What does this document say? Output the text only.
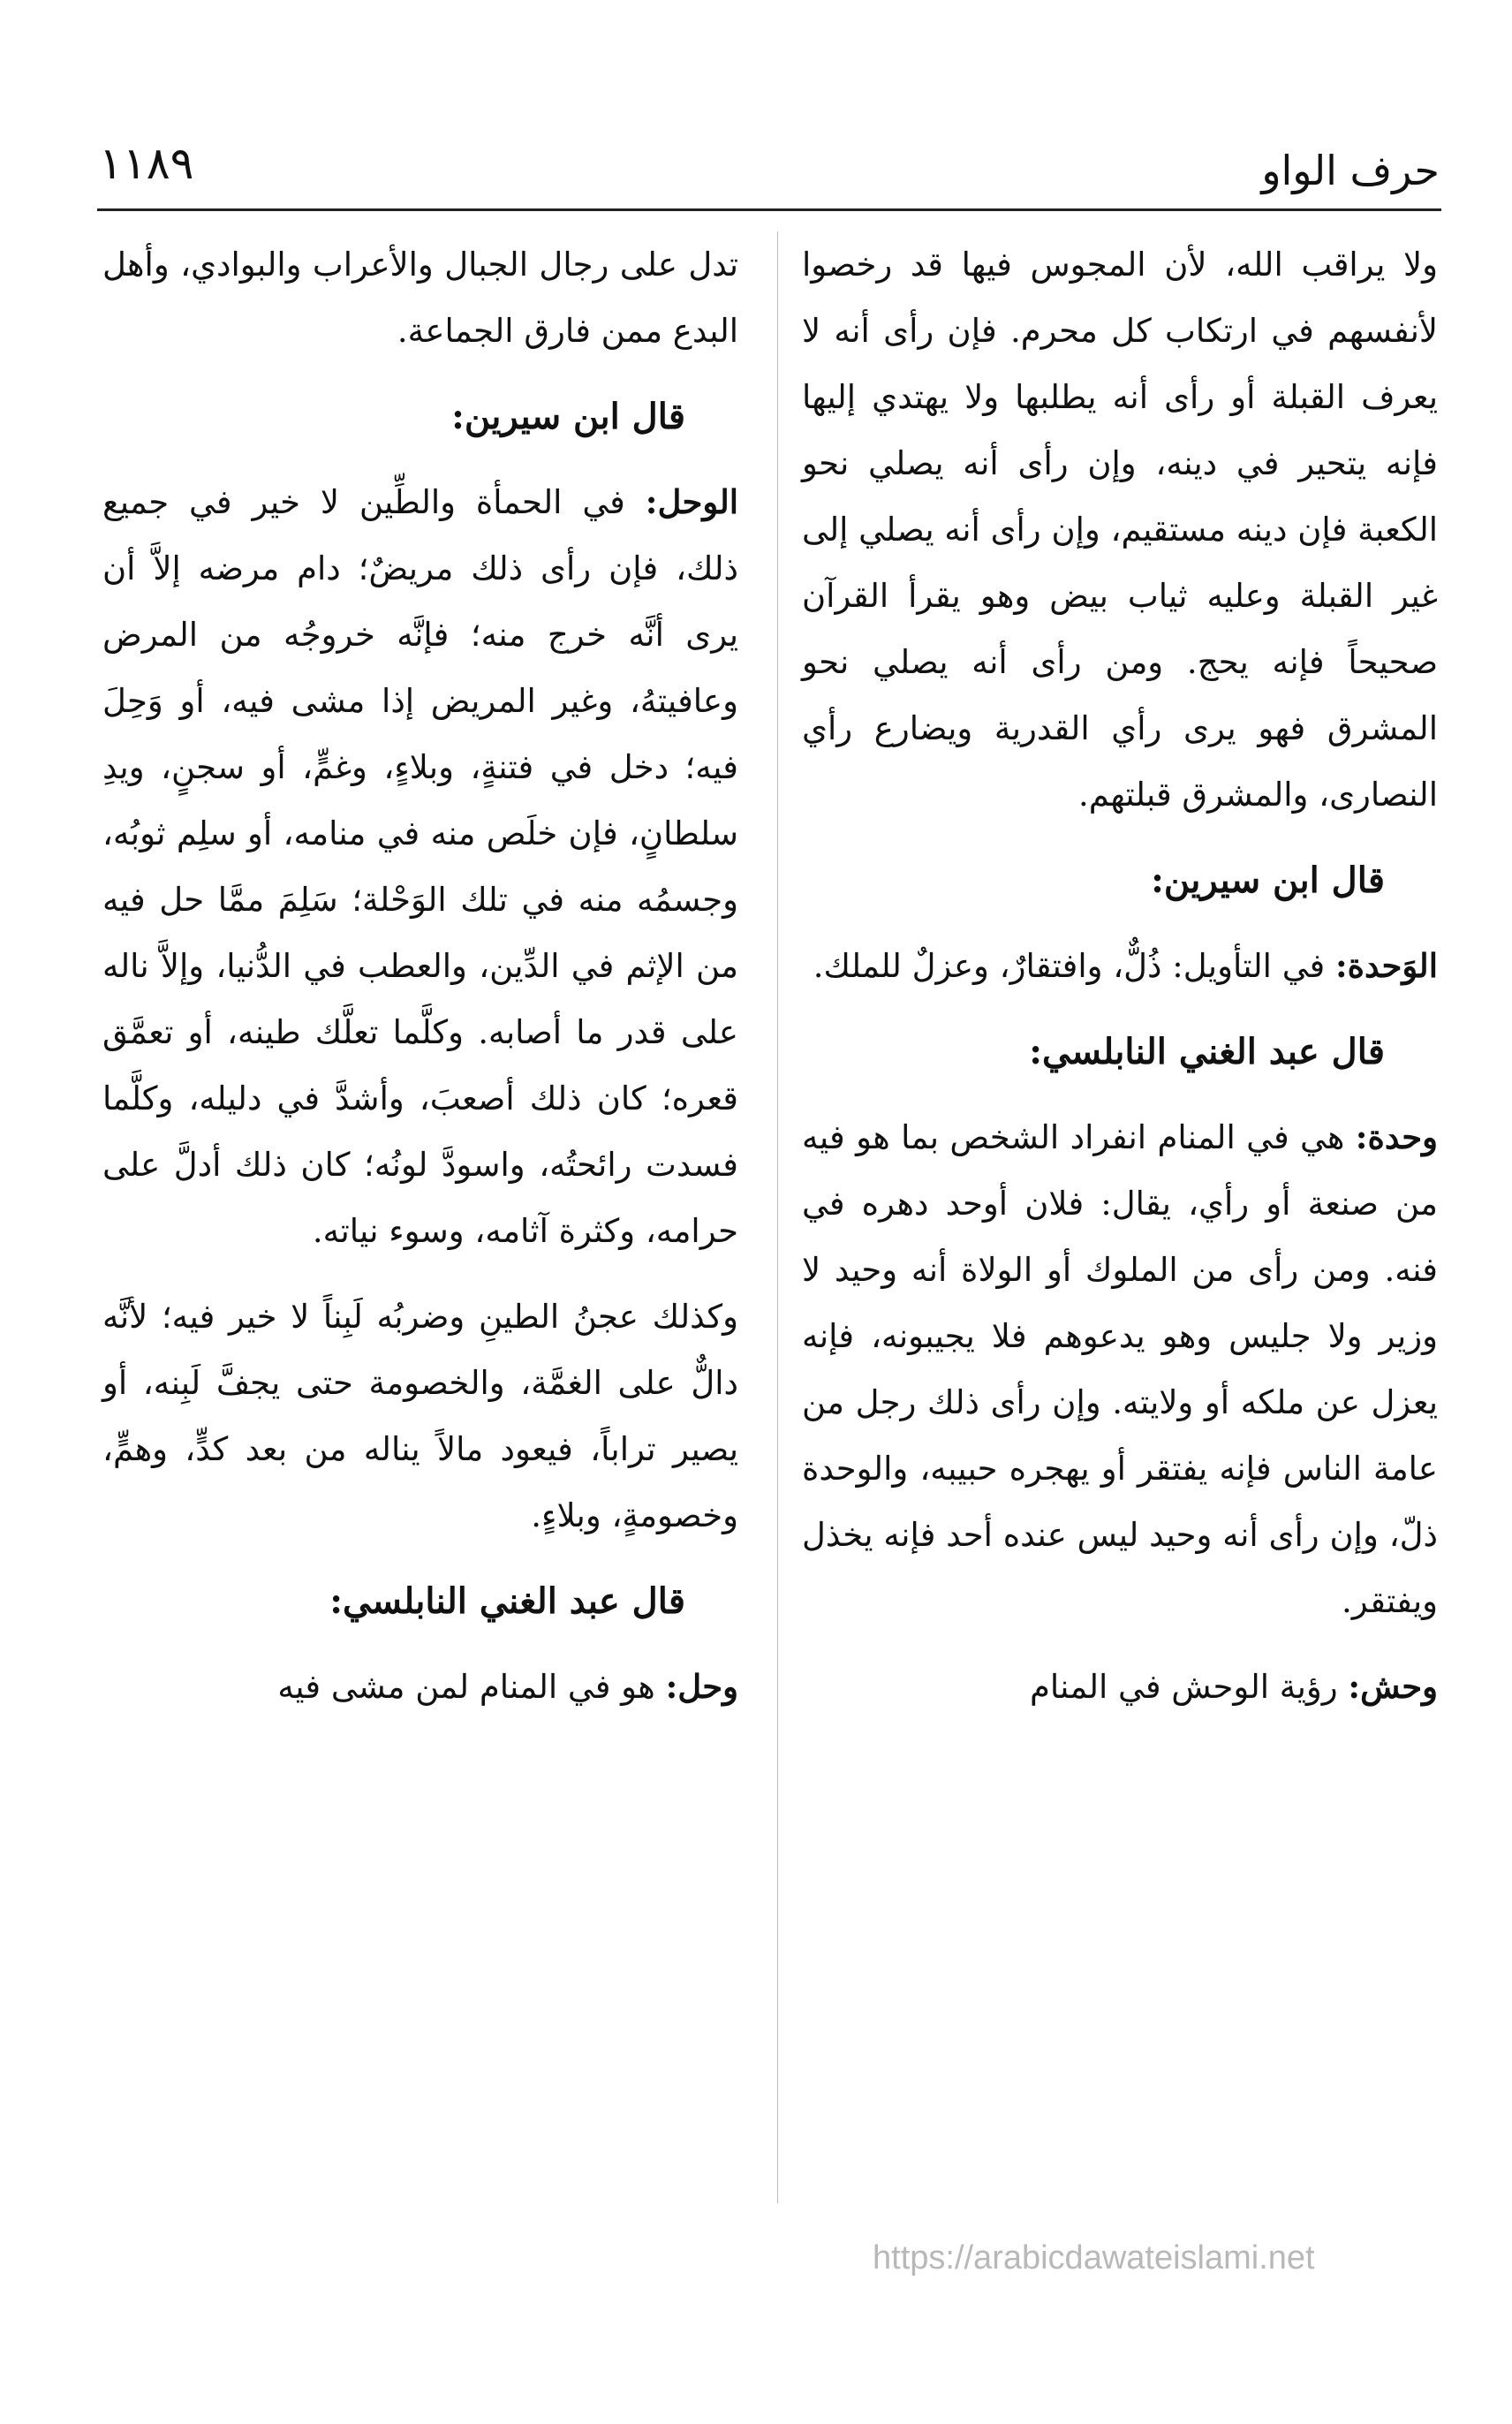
حرف الواو
١١٨٩

ولا يراقب الله، لأن المجوس فيها قد رخصوا لأنفسهم في ارتكاب كل محرم. فإن رأى أنه لا يعرف القبلة أو رأى أنه يطلبها ولا يهتدي إليها فإنه يتحير في دينه، وإن رأى أنه يصلي نحو الكعبة فإن دينه مستقيم، وإن رأى أنه يصلي إلى غير القبلة وعليه ثياب بيض وهو يقرأ القرآن صحيحاً فإنه يحج. ومن رأى أنه يصلي نحو المشرق فهو يرى رأي القدرية ويضارع رأي النصارى، والمشرق قبلتهم.

قال ابن سيرين:

الوَحدة: في التأويل: ذُلٌّ، وافتقارٌ، وعزلٌ للملك.

قال عبد الغني النابلسي:

وحدة: هي في المنام انفراد الشخص بما هو فيه من صنعة أو رأي، يقال: فلان أوحد دهره في فنه. ومن رأى من الملوك أو الولاة أنه وحيد لا وزير ولا جليس وهو يدعوهم فلا يجيبونه، فإنه يعزل عن ملكه أو ولايته. وإن رأى ذلك رجل من عامة الناس فإنه يفتقر أو يهجره حبيبه، والوحدة ذلّ، وإن رأى أنه وحيد ليس عنده أحد فإنه يخذل ويفتقر.

وحش: رؤية الوحش في المنام

تدل على رجال الجبال والأعراب والبوادي، وأهل البدع ممن فارق الجماعة.

قال ابن سيرين:

الوحل: في الحمأة والطِّين لا خير في جميع ذلك، فإن رأى ذلك مريضٌ؛ دام مرضه إلاَّ أن يرى أنَّه خرج منه؛ فإنَّه خروجُه من المرض وعافيتهُ، وغير المريض إذا مشى فيه، أو وَحِلَ فيه؛ دخل في فتنةٍ، وبلاءٍ، وغمٍّ، أو سجنٍ، ويدِ سلطانٍ، فإن خلَص منه في منامه، أو سلِم ثوبُه، وجسمُه منه في تلك الوَحْلة؛ سَلِمَ ممَّا حل فيه من الإثم في الدِّين، والعطب في الدُّنيا، وإلاَّ ناله على قدر ما أصابه. وكلَّما تعلَّك طينه، أو تعمَّق قعره؛ كان ذلك أصعبَ، وأشدَّ في دليله، وكلَّما فسدت رائحتُه، واسودَّ لونُه؛ كان ذلك أدلَّ على حرامه، وكثرة آثامه، وسوء نياته.

وكذلك عجنُ الطينِ وضربُه لَبِناً لا خير فيه؛ لأنَّه دالٌّ على الغمَّة، والخصومة حتى يجفَّ لَبِنه، أو يصير تراباً، فيعود مالاً يناله من بعد كدٍّ، وهمٍّ، وخصومةٍ، وبلاءٍ.

قال عبد الغني النابلسي:

وحل: هو في المنام لمن مشى فيه

https://arabicdawateislami.net
